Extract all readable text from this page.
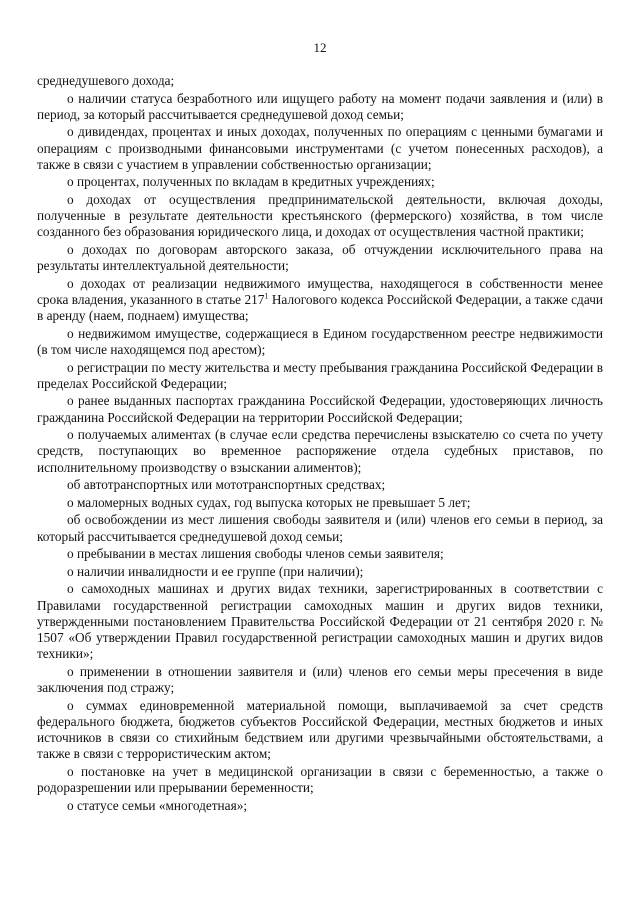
12

среднедушевого дохода;

о наличии статуса безработного или ищущего работу на момент подачи заявления и (или) в период, за который рассчитывается среднедушевой доход семьи;

о дивидендах, процентах и иных доходах, полученных по операциям с ценными бумагами и операциям с производными финансовыми инструментами (с учетом понесенных расходов), а также в связи с участием в управлении собственностью организации;

о процентах, полученных по вкладам в кредитных учреждениях;

о доходах от осуществления предпринимательской деятельности, включая доходы, полученные в результате деятельности крестьянского (фермерского) хозяйства, в том числе созданного без образования юридического лица, и доходах от осуществления частной практики;

о доходах по договорам авторского заказа, об отчуждении исключительного права на результаты интеллектуальной деятельности;

о доходах от реализации недвижимого имущества, находящегося в собственности менее срока владения, указанного в статье $217^1$ Налогового кодекса Российской Федерации, а также сдачи в аренду (наем, поднаем) имущества;

о недвижимом имуществе, содержащиеся в Едином государственном реестре недвижимости (в том числе находящемся под арестом);

о регистрации по месту жительства и месту пребывания гражданина Российской Федерации в пределах Российской Федерации;

о ранее выданных паспортах гражданина Российской Федерации, удостоверяющих личность гражданина Российской Федерации на территории Российской Федерации;

о получаемых алиментах (в случае если средства перечислены взыскателю со счета по учету средств, поступающих во временное распоряжение отдела судебных приставов, по исполнительному производству о взыскании алиментов);

об автотранспортных или мототранспортных средствах;

о маломерных водных судах, год выпуска которых не превышает 5 лет;

об освобождении из мест лишения свободы заявителя и (или) членов его семьи в период, за который рассчитывается среднедушевой доход семьи;

о пребывании в местах лишения свободы членов семьи заявителя;

о наличии инвалидности и ее группе (при наличии);

о самоходных машинах и других видах техники, зарегистрированных в соответствии с Правилами государственной регистрации самоходных машин и других видов техники, утвержденными постановлением Правительства Российской Федерации от 21 сентября 2020 г. № 1507 «Об утверждении Правил государственной регистрации самоходных машин и других видов техники»;

о применении в отношении заявителя и (или) членов его семьи меры пресечения в виде заключения под стражу;

о суммах единовременной материальной помощи, выплачиваемой за счет средств федерального бюджета, бюджетов субъектов Российской Федерации, местных бюджетов и иных источников в связи со стихийным бедствием или другими чрезвычайными обстоятельствами, а также в связи с террористическим актом;

о постановке на учет в медицинской организации в связи с беременностью, а также о родоразрешении или прерывании беременности;

о статусе семьи «многодетная»;
